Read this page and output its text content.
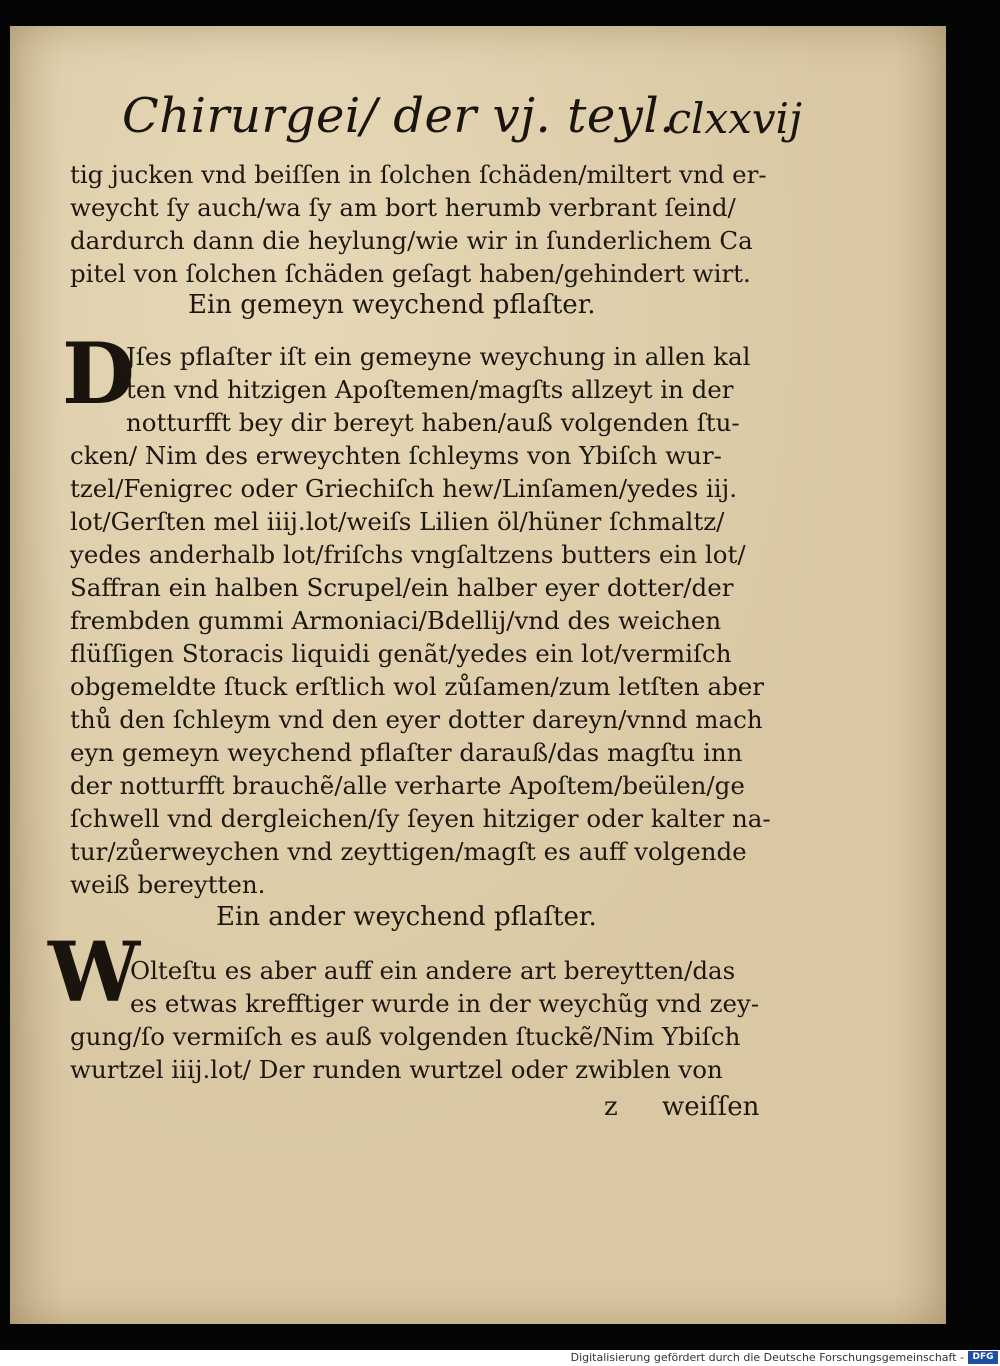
Chirurgei/ der vj. teyl.
clxxvij
tig jucken vnd beiſſen in ſolchen ſchäden/miltert vnd er-
weycht ſy auch/wa ſy am bort herumb verbrant ſeind/
dardurch dann die heylung/wie wir in ſunderlichem Ca
pitel von ſolchen ſchäden geſagt haben/gehindert wirt.
Ein gemeyn weychend pflaſter.
D
Jſes pflaſter iſt ein gemeyne weychung in allen kal
ten vnd hitzigen Apoſtemen/magſts allzeyt in der
notturfft bey dir bereyt haben/auß volgenden ſtu-
cken/ Nim des erweychten ſchleyms von Ybiſch wur-
tzel/Fenigrec oder Griechiſch hew/Linſamen/yedes iij.
lot/Gerſten mel iiij.lot/weiſs Lilien öl/hüner ſchmaltz/
yedes anderhalb lot/friſchs vngſaltzens butters ein lot/
Saffran ein halben Scrupel/ein halber eyer dotter/der
frembden gummi Armoniaci/Bdellij/vnd des weichen
flüſſigen Storacis liquidi genãt/yedes ein lot/vermiſch
obgemeldte ſtuck erſtlich wol zůſamen/zum letſten aber
thů den ſchleym vnd den eyer dotter dareyn/vnnd mach
eyn gemeyn weychend pflaſter darauß/das magſtu inn
der notturfft brauchẽ/alle verharte Apoſtem/beülen/ge
ſchwell vnd dergleichen/ſy ſeyen hitziger oder kalter na-
tur/zůerweychen vnd zeyttigen/magſt es auff volgende
weiß bereytten.
Ein ander weychend pflaſter.
W
Olteſtu es aber auff ein andere art bereytten/das
es etwas krefftiger wurde in der weychũg vnd zey-
gung/ſo vermiſch es auß volgenden ſtuckẽ/Nim Ybiſch
wurtzel iiij.lot/ Der runden wurtzel oder zwiblen von
z weiſſen
Digitalisierung gefördert durch die Deutsche Forschungsgemeinschaft - DFG
